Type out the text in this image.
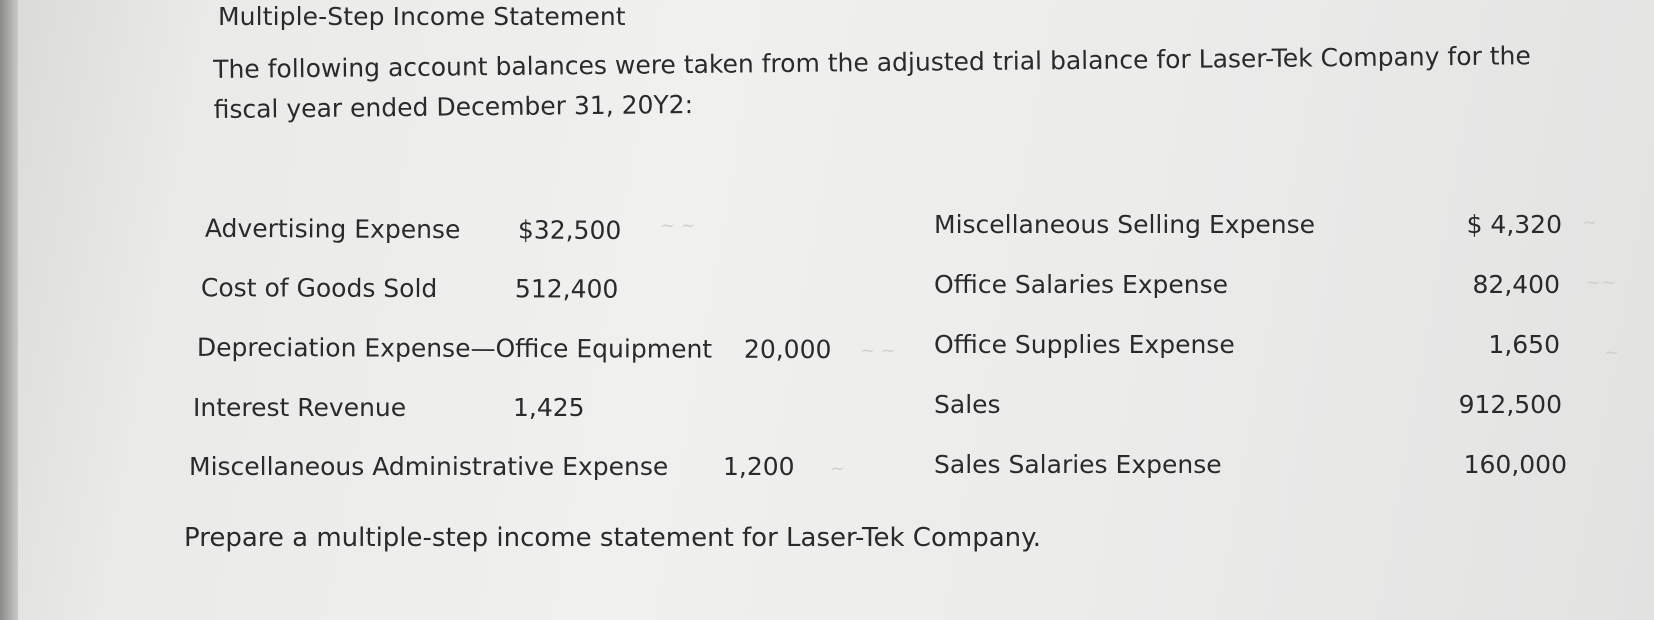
Multiple-Step Income Statement
The following account balances were taken from the adjusted trial balance for Laser-Tek Company for the fiscal year ended December 31, 20Y2:
Advertising Expense $32,500
Cost of Goods Sold	512,400
Depreciation Expense—Office Equipment 20,000
Interest Revenue	1,425
Miscellaneous Administrative Expense 1,200
Miscellaneous Selling Expense	$ 4,320
Office Salaries Expense	82,400
Office Supplies Expense	1,650
Sales	912,500
Sales Salaries Expense	160,000
~ ~
~ ~
~
~
~~
~
Prepare a multiple-step income statement for Laser-Tek Company.
